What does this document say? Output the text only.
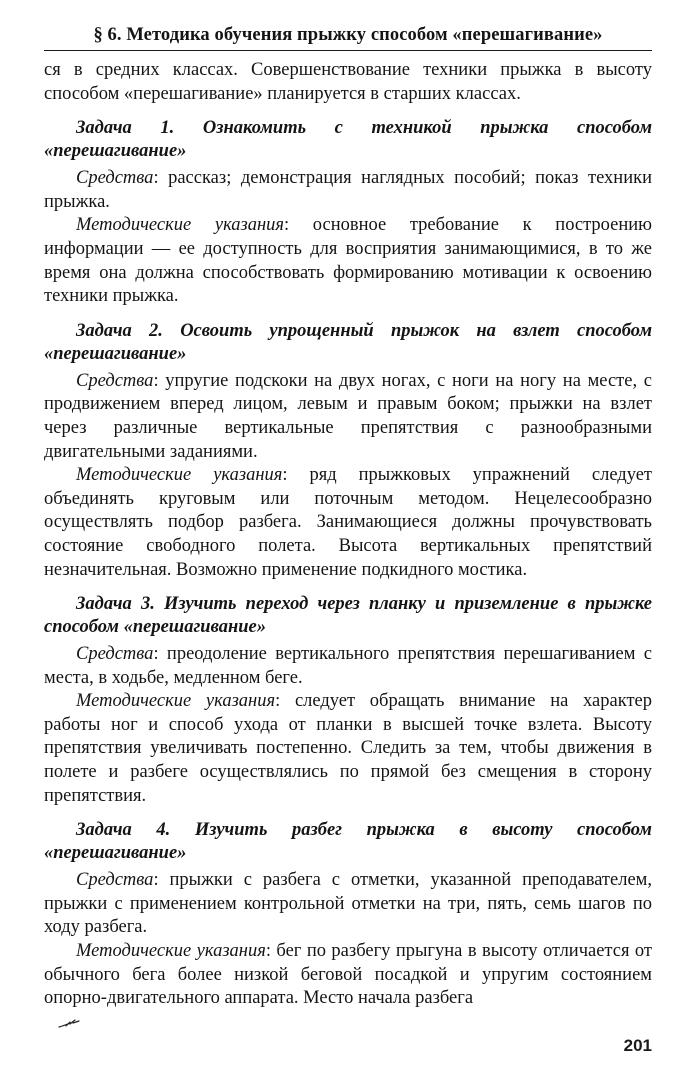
§ 6. Методика обучения прыжку способом «перешагивание»

ся в средних классах. Совершенствование техники прыжка в высоту способом «перешагивание» планируется в старших классах.

Задача 1. Ознакомить с техникой прыжка способом «перешагивание»

Средства: рассказ; демонстрация наглядных пособий; показ техники прыжка.

Методические указания: основное требование к построению информации — ее доступность для восприятия занимающимися, в то же время она должна способствовать формированию мотивации к освоению техники прыжка.

Задача 2. Освоить упрощенный прыжок на взлет способом «перешагивание»

Средства: упругие подскоки на двух ногах, с ноги на ногу на месте, с продвижением вперед лицом, левым и правым боком; прыжки на взлет через различные вертикальные препятствия с разнообразными двигательными заданиями.

Методические указания: ряд прыжковых упражнений следует объединять круговым или поточным методом. Нецелесообразно осуществлять подбор разбега. Занимающиеся должны прочувствовать состояние свободного полета. Высота вертикальных препятствий незначительная. Возможно применение подкидного мостика.

Задача 3. Изучить переход через планку и приземление в прыжке способом «перешагивание»

Средства: преодоление вертикального препятствия перешагиванием с места, в ходьбе, медленном беге.

Методические указания: следует обращать внимание на характер работы ног и способ ухода от планки в высшей точке взлета. Высоту препятствия увеличивать постепенно. Следить за тем, чтобы движения в полете и разбеге осуществлялись по прямой без смещения в сторону препятствия.

Задача 4. Изучить разбег прыжка в высоту способом «перешагивание»

Средства: прыжки с разбега с отметки, указанной преподавателем, прыжки с применением контрольной отметки на три, пять, семь шагов по ходу разбега.

Методические указания: бег по разбегу прыгуна в высоту отличается от обычного бега более низкой беговой посадкой и упругим состоянием опорно-двигательного аппарата. Место начала разбега

201
